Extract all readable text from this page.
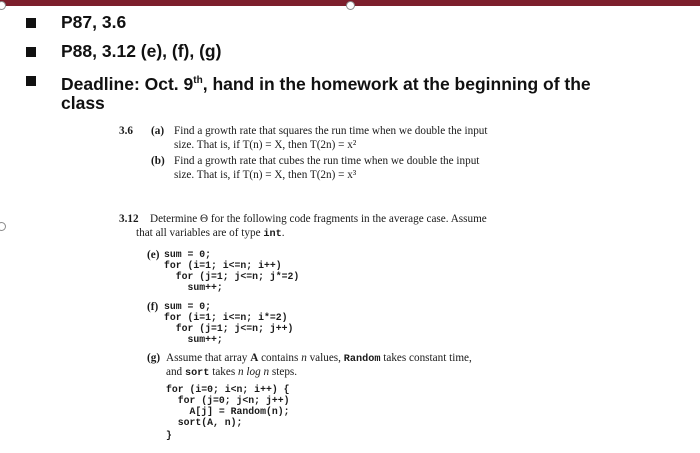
P87, 3.6
P88, 3.12 (e), (f), (g)
Deadline: Oct. 9th, hand in the homework at the beginning of the
class
3.6 (a) Find a growth rate that squares the run time when we double the input
size. That is, if T(n) = X, then T(2n) = x²
(b) Find a growth rate that cubes the run time when we double the input
size. That is, if T(n) = X, then T(2n) = x³
3.12 Determine Θ for the following code fragments in the average case. Assume
that all variables are of type int.
(e) sum = 0;
for (i=1; i<=n; i++)
for (j=1; j<=n; j*=2)
sum++;
(f) sum = 0;
for (i=1; i<=n; i*=2)
for (j=1; j<=n; j++)
sum++;
(g) Assume that array A contains n values, Random takes constant time,
and sort takes n log n steps.
for (i=0; i<n; i++) {
for (j=0; j<n; j++)
A[j] = Random(n);
sort(A, n);
}
